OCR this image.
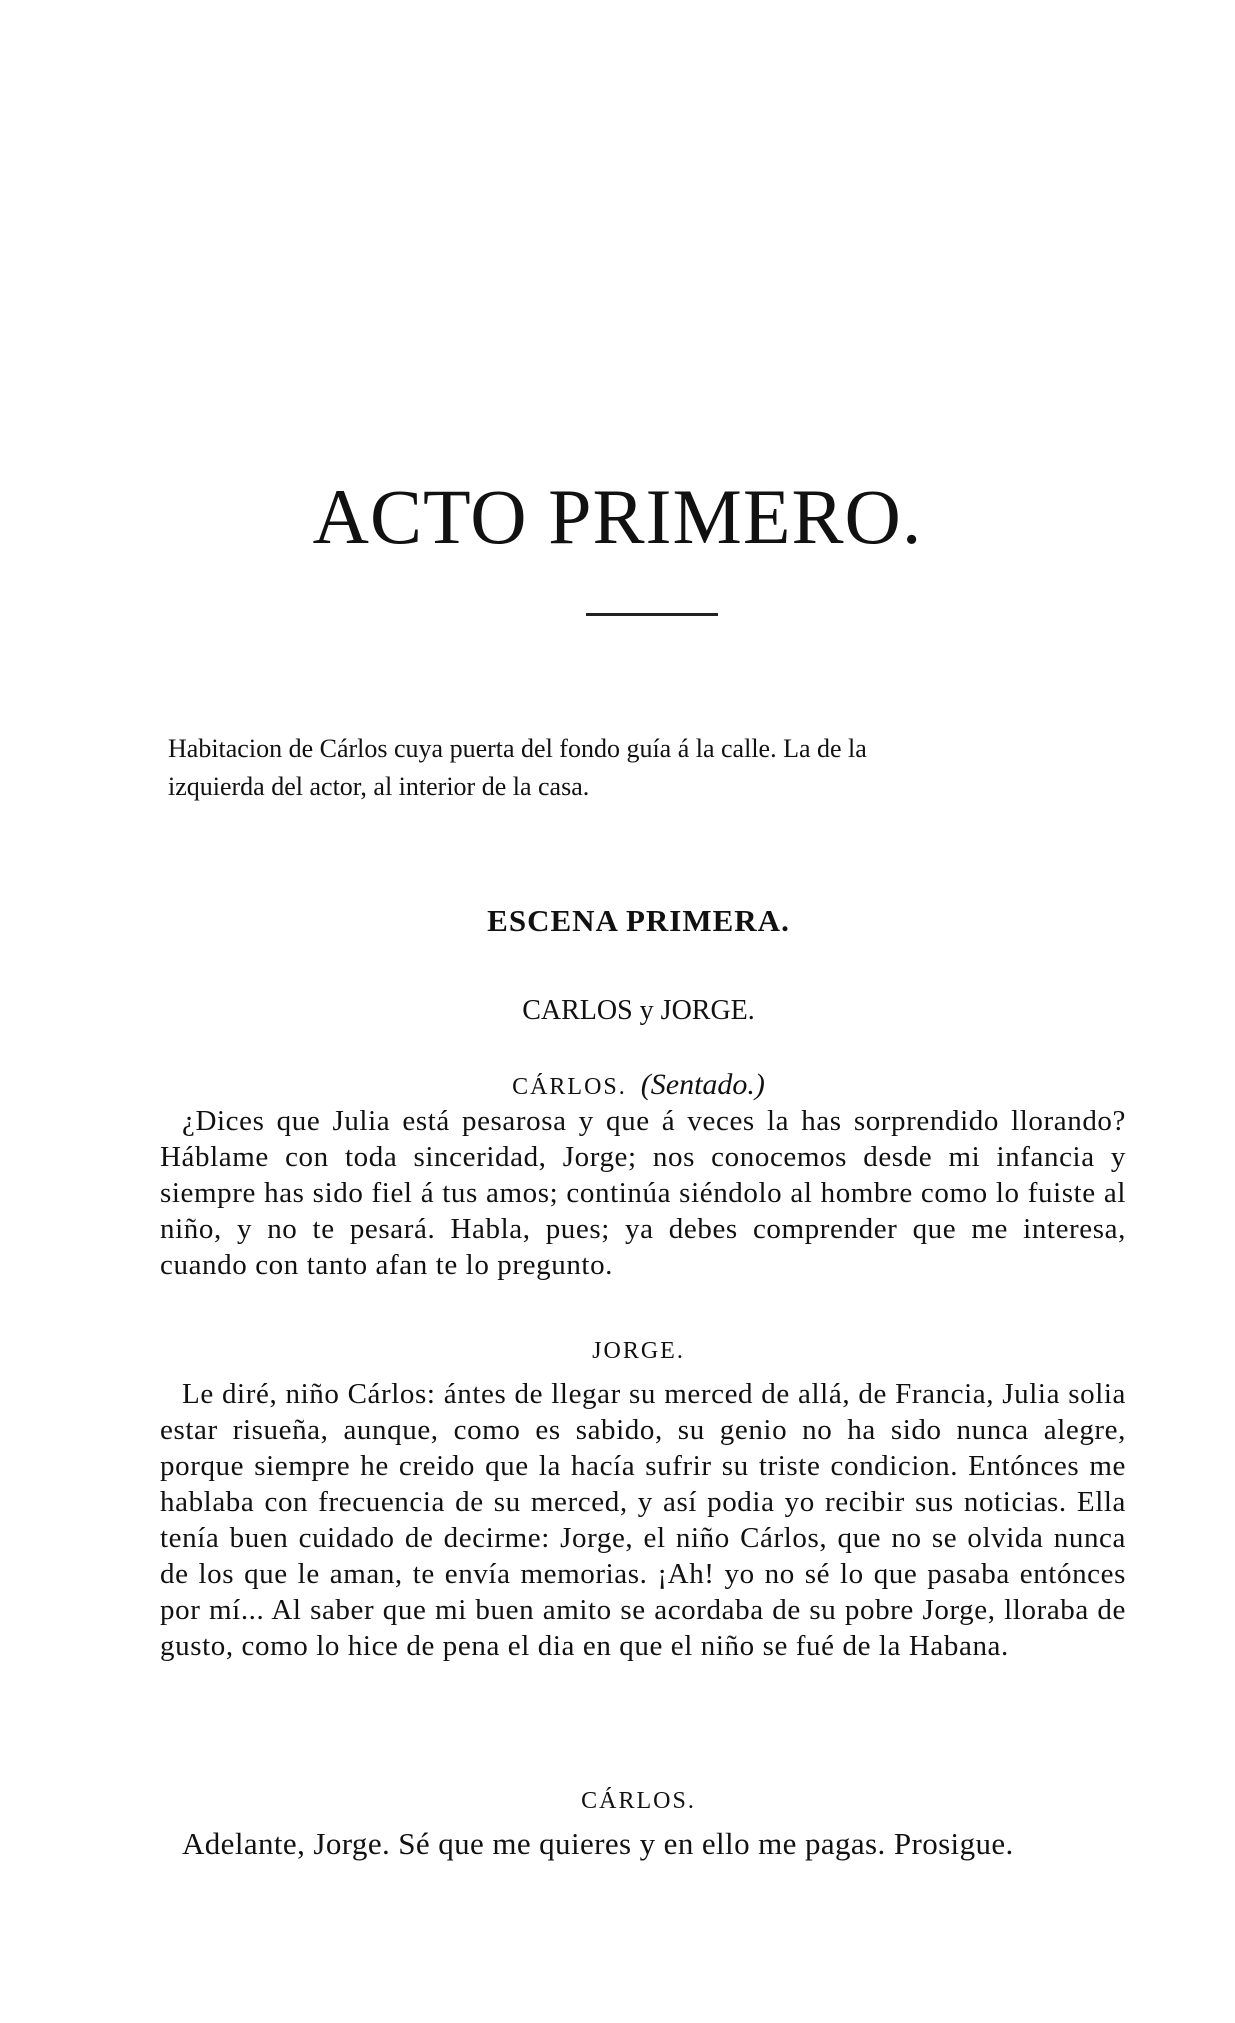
ACTO PRIMERO.

Habitacion de Cárlos cuya puerta del fondo guía á la calle. La de la
izquierda del actor, al interior de la casa.

ESCENA PRIMERA.

CARLOS y JORGE.

CÁRLOS. (Sentado.)

¿Dices que Julia está pesarosa y que á veces la has sorprendido llorando? Háblame con toda sinceridad, Jorge; nos conocemos desde mi infancia y siempre has sido fiel á tus amos; continúa siéndolo al hombre como lo fuiste al niño, y no te pesará. Habla, pues; ya debes comprender que me interesa, cuando con tanto afan te lo pregunto.

JORGE.

Le diré, niño Cárlos: ántes de llegar su merced de allá, de Francia, Julia solia estar risueña, aunque, como es sabido, su genio no ha sido nunca alegre, porque siempre he creido que la hacía sufrir su triste condicion. Entónces me hablaba con frecuencia de su merced, y así podia yo recibir sus noticias. Ella tenía buen cuidado de decirme: Jorge, el niño Cárlos, que no se olvida nunca de los que le aman, te envía memorias. ¡Ah! yo no sé lo que pasaba entónces por mí... Al saber que mi buen amito se acordaba de su pobre Jorge, lloraba de gusto, como lo hice de pena el dia en que el niño se fué de la Habana.

CÁRLOS.

Adelante, Jorge. Sé que me quieres y en ello me pagas. Prosigue.
